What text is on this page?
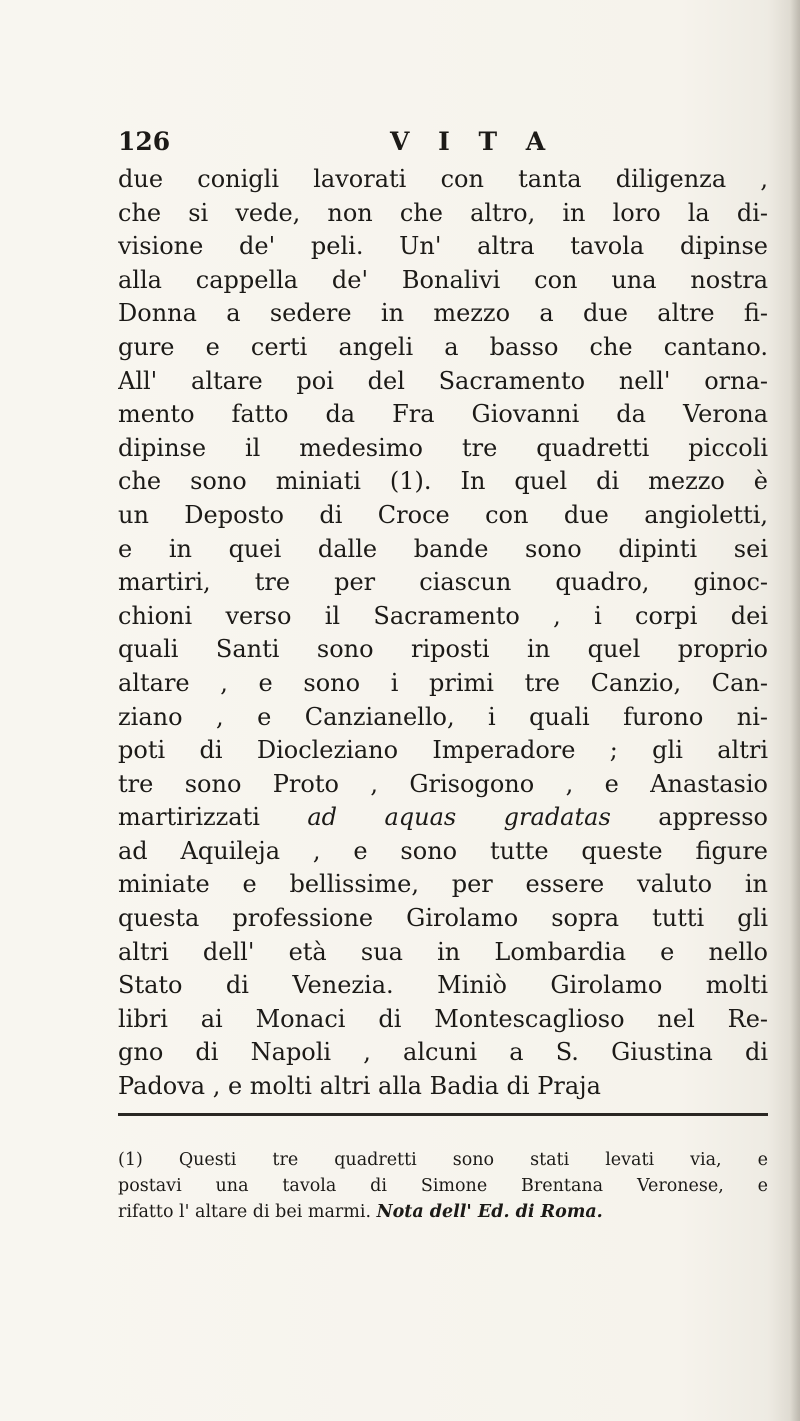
126	V I T A
due conigli lavorati con tanta diligenza ,
che si vede, non che altro, in loro la di-
visione de' peli. Un' altra tavola dipinse
alla cappella de' Bonalivi con una nostra
Donna a sedere in mezzo a due altre fi-
gure e certi angeli a basso che cantano.
All' altare poi del Sacramento nell' orna-
mento fatto da Fra Giovanni da Verona
dipinse il medesimo tre quadretti piccoli
che sono miniati (1). In quel di mezzo è
un Deposto di Croce con due angioletti,
e in quei dalle bande sono dipinti sei
martiri, tre per ciascun quadro, ginoc-
chioni verso il Sacramento , i corpi dei
quali Santi sono riposti in quel proprio
altare , e sono i primi tre Canzio, Can-
ziano , e Canzianello, i quali furono ni-
poti di Diocleziano Imperadore ; gli altri
tre sono Proto , Grisogono , e Anastasio
martirizzati ad aquas gradatas appresso
ad Aquileja , e sono tutte queste figure
miniate e bellissime, per essere valuto in
questa professione Girolamo sopra tutti gli
altri dell' età sua in Lombardia e nello
Stato di Venezia. Miniò Girolamo molti
libri ai Monaci di Montescaglioso nel Re-
gno di Napoli , alcuni a S. Giustina di
Padova , e molti altri alla Badia di Praja
(1) Questi tre quadretti sono stati levati via, e
postavi una tavola di Simone Brentana Veronese, e
rifatto l' altare di bei marmi. Nota dell' Ed. di Roma.
